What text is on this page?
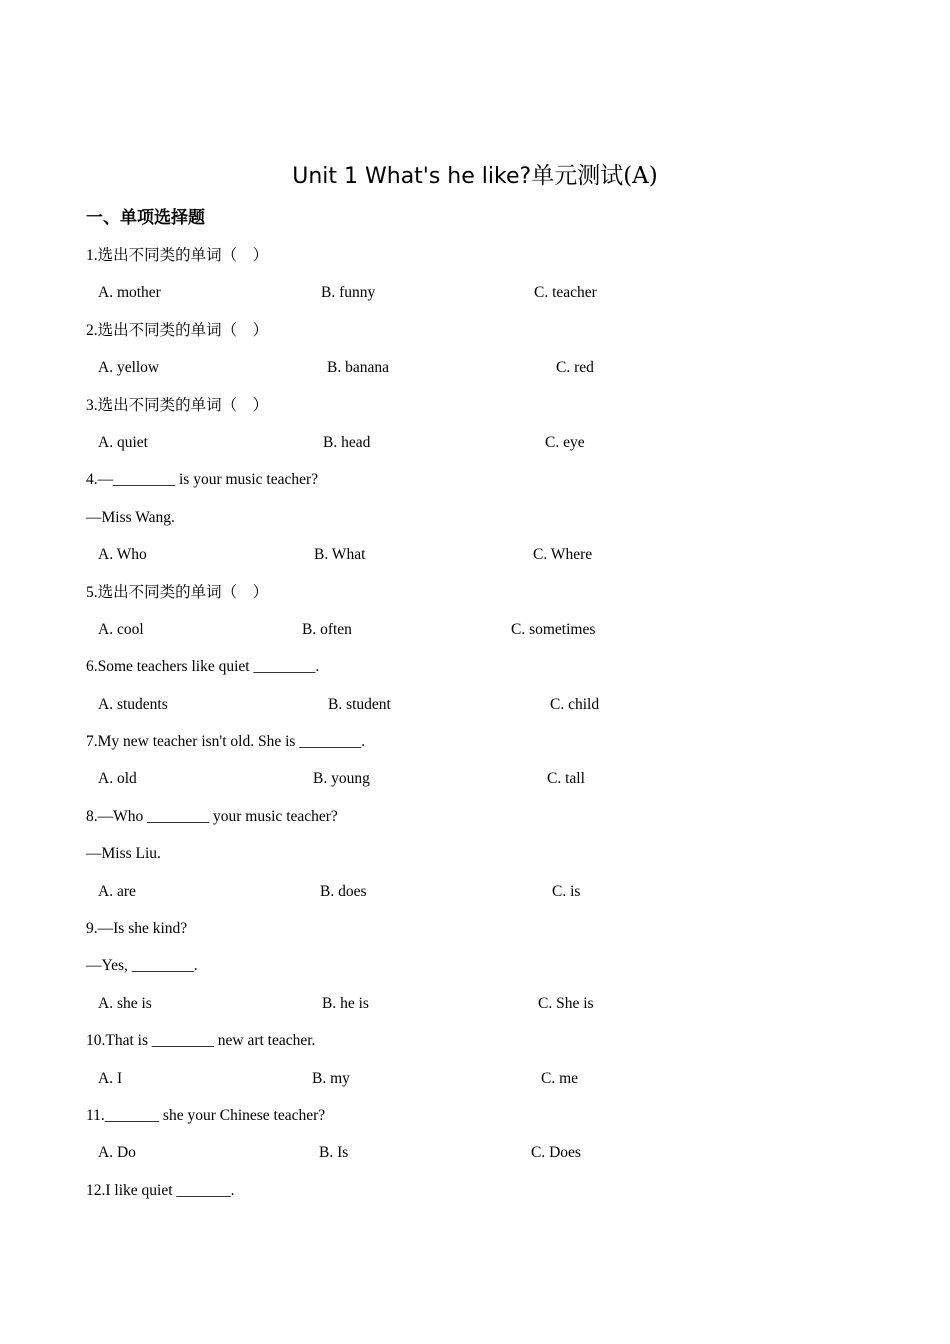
Unit 1 What's he like?单元测试(A)
一、单项选择题
1.选出不同类的单词（　）
A. mother	B. funny	C. teacher
2.选出不同类的单词（　）
A. yellow	B. banana	C. red
3.选出不同类的单词（　）
A. quiet	B. head	C. eye
4.—________ is your music teacher?
—Miss Wang.
A. Who	B. What	C. Where
5.选出不同类的单词（　）
A. cool	B. often	C. sometimes
6.Some teachers like quiet ________.
A. students	B. student	C. child
7.My new teacher isn't old. She is ________.
A. old	B. young	C. tall
8.—Who ________ your music teacher?
—Miss Liu.
A. are	B. does	C. is
9.—Is she kind?
—Yes, ________.
A. she is	B. he is	C. She is
10.That is ________ new art teacher.
A. I	B. my	C. me
11._______ she your Chinese teacher?
A. Do	B. Is	C. Does
12.I like quiet _______.
